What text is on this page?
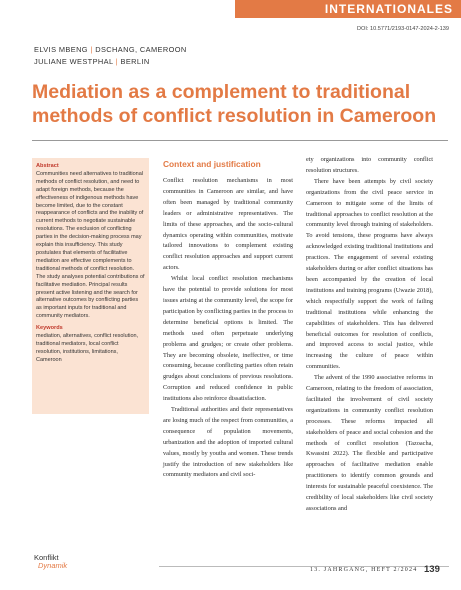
INTERNATIONALES
DOI: 10.5771/2193-0147-2024-2-139
ELVIS MBENG | DSCHANG, CAMEROON
JULIANE WESTPHAL | BERLIN
Mediation as a complement to traditional methods of conflict resolution in Cameroon
Abstract
Communities need alternatives to traditional methods of conflict resolution, and need to adapt foreign methods, because the effectiveness of indigenous methods have become limited, due to the constant reappearance of conflicts and the inability of current methods to negotiate sustainable resolutions. The exclusion of conflicting parties in the decision-making process may explain this insufficiency. This study postulates that elements of facilitative mediation are effective complements to traditional methods of conflict resolution. The study analyses potential contributions of facilitative mediation. Principal results present active listening and the search for alternative outcomes by conflicting parties as important inputs for traditional and community mediators.
Keywords
mediation, alternatives, conflict resolution, traditional mediators, local conflict resolution, institutions, limitations, Cameroon
Context and justification

Conflict resolution mechanisms in most communities in Cameroon are similar, and have often been managed by traditional community leaders or administrative representatives. The limits of these approaches, and the socio-cultural dynamics operating within communities, motivate tailored innovations to complement existing conflict resolution approaches and support current actors.

Whilst local conflict resolution mechanisms have the potential to provide solutions for most issues arising at the community level, the scope for participation by conflicting parties in the process to determine beneficial options is limited. The methods used often perpetuate underlying problems and grudges; or create other problems. They are becoming obsolete, ineffective, or time consuming, because conflicting parties often retain grudges about conclusions of previous resolutions. Corruption and reduced confidence in public institutions also reinforce dissatisfaction.

Traditional authorities and their representatives are losing much of the respect from communities, a consequence of population movements, urbanization and the adoption of imported cultural values, mostly by youths and women. These trends justify the introduction of new stakeholders like community mediators and civil soci-

ety organizations into community conflict resolution structures.

There have been attempts by civil society organizations from the civil peace service in Cameroon to mitigate some of the limits of traditional approaches to conflict resolution at the community level through training of stakeholders. To avoid tensions, these programs have always acknowledged existing traditional institutions and practices. The engagement of several existing stakeholders during or after conflict situations has been accompanied by the creation of local institutions and training programs (Uwazie 2018), which respectfully support the work of failing traditional institutions while enhancing the capabilities of stakeholders. This has delivered beneficial outcomes for resolution of conflicts, and improved access to social justice, while increasing the culture of peace within communities.

The advent of the 1990 associative reforms in Cameroon, relating to the freedom of association, facilitated the involvement of civil society organizations in community conflict resolution processes. These reforms impacted all stakeholders of peace and social cohesion and the methods of conflict resolution (Tazoacha, Kwassini 2022). The flexible and participative approaches of facilitative mediation enable practitioners to identify common grounds and interests for sustainable peaceful coexistence. The credibility of local stakeholders like civil society associations and

Konflikt
Dynamik	13. JAHRGANG, HEFT 2/2024 139
